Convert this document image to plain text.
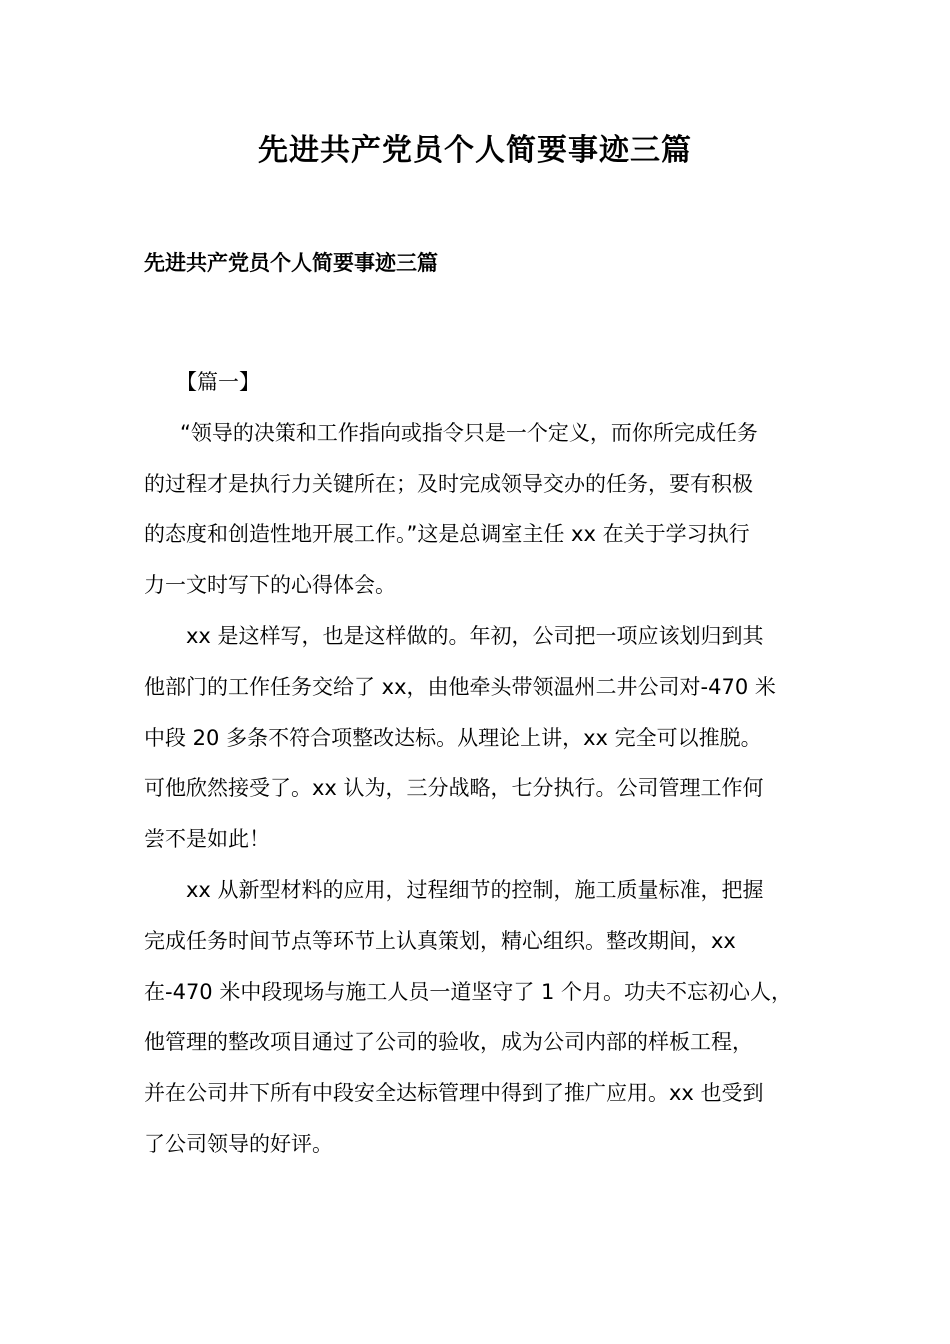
先进共产党员个人简要事迹三篇
先进共产党员个人简要事迹三篇

【篇一】

“领导的决策和工作指向或指令只是一个定义，而你所完成任务
的过程才是执行力关键所在；及时完成领导交办的任务，要有积极
的态度和创造性地开展工作。”这是总调室主任 xx 在关于学习执行
力一文时写下的心得体会。

xx 是这样写，也是这样做的。年初，公司把一项应该划归到其
他部门的工作任务交给了 xx，由他牵头带领温州二井公司对-470 米
中段 20 多条不符合项整改达标。从理论上讲，xx 完全可以推脱。
可他欣然接受了。xx 认为，三分战略，七分执行。公司管理工作何
尝不是如此！

xx 从新型材料的应用，过程细节的控制，施工质量标准，把握
完成任务时间节点等环节上认真策划，精心组织。整改期间，xx
在-470 米中段现场与施工人员一道坚守了 1 个月。功夫不忘初心人，
他管理的整改项目通过了公司的验收，成为公司内部的样板工程，
并在公司井下所有中段安全达标管理中得到了推广应用。xx 也受到
了公司领导的好评。
